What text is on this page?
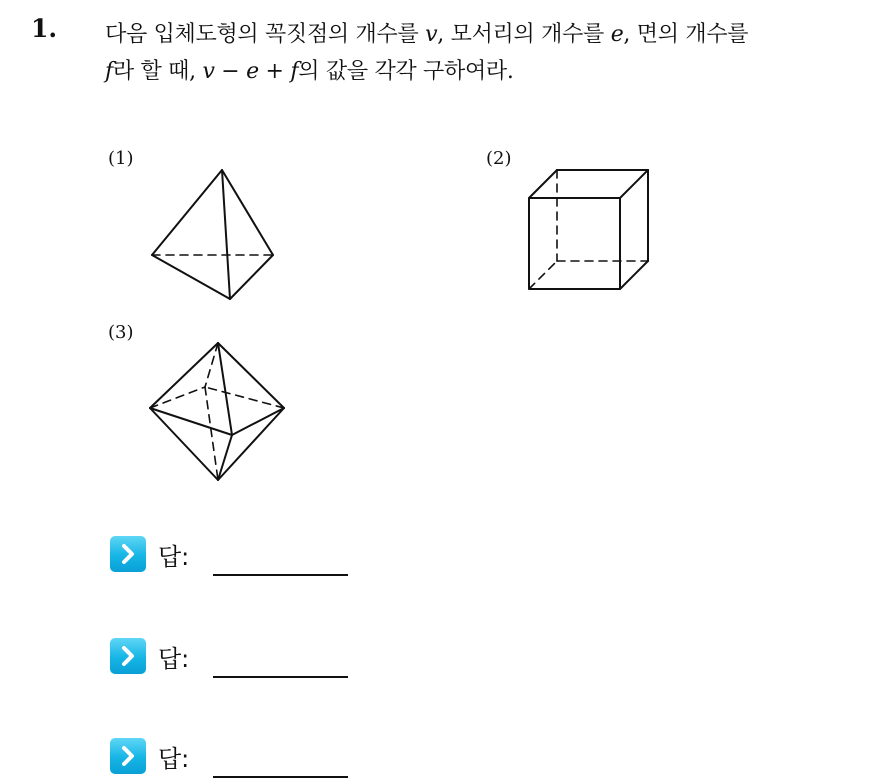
1. 다음 입체도형의 꼭짓점의 개수를 v, 모서리의 개수를 e, 면의 개수를
f라 할 때, v − e + f의 값을 각각 구하여라.
(1)	(2)
(3)
답:
답:
답:
